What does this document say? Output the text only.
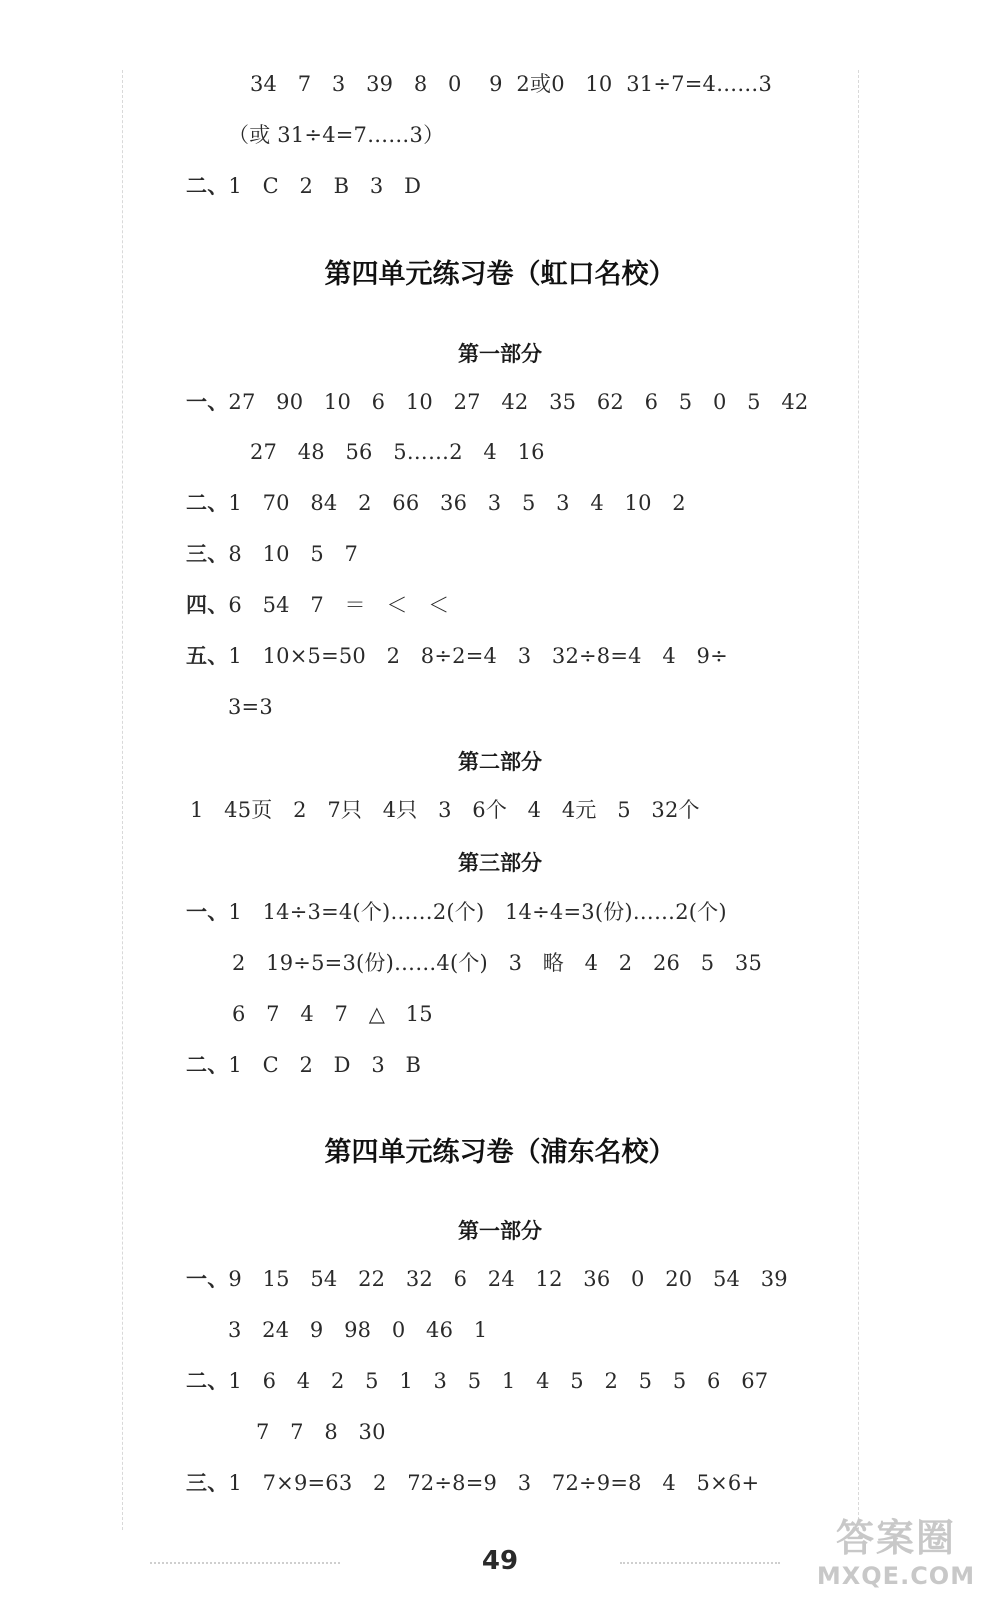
34   7   3   39   8   0    9  2或0   10  31÷7=4……3
（或 31÷4=7……3）
二、1   C   2   B   3   D
第四单元练习卷（虹口名校）
第一部分
一、27   90   10   6   10   27   42   35   62   6   5   0   5   42
27   48   56   5……2   4   16
二、1   70   84   2   66   36   3   5   3   4   10   2
三、8   10   5   7
四、6   54   7   ＝   ＜   ＜
五、1   10×5=50   2   8÷2=4   3   32÷8=4   4   9÷
3=3
第二部分
1   45页   2   7只   4只   3   6个   4   4元   5   32个
第三部分
一、1   14÷3=4(个)……2(个)   14÷4=3(份)……2(个)
2   19÷5=3(份)……4(个)   3   略   4   2   26   5   35
6   7   4   7   △   15
二、1   C   2   D   3   B
第四单元练习卷（浦东名校）
第一部分
一、9   15   54   22   32   6   24   12   36   0   20   54   39
3   24   9   98   0   46   1
二、1   6   4   2   5   1   3   5   1   4   5   2   5   5   6   67
7   7   8   30
三、1   7×9=63   2   72÷8=9   3   72÷9=8   4   5×6+
49
答案圈
MXQE.COM
